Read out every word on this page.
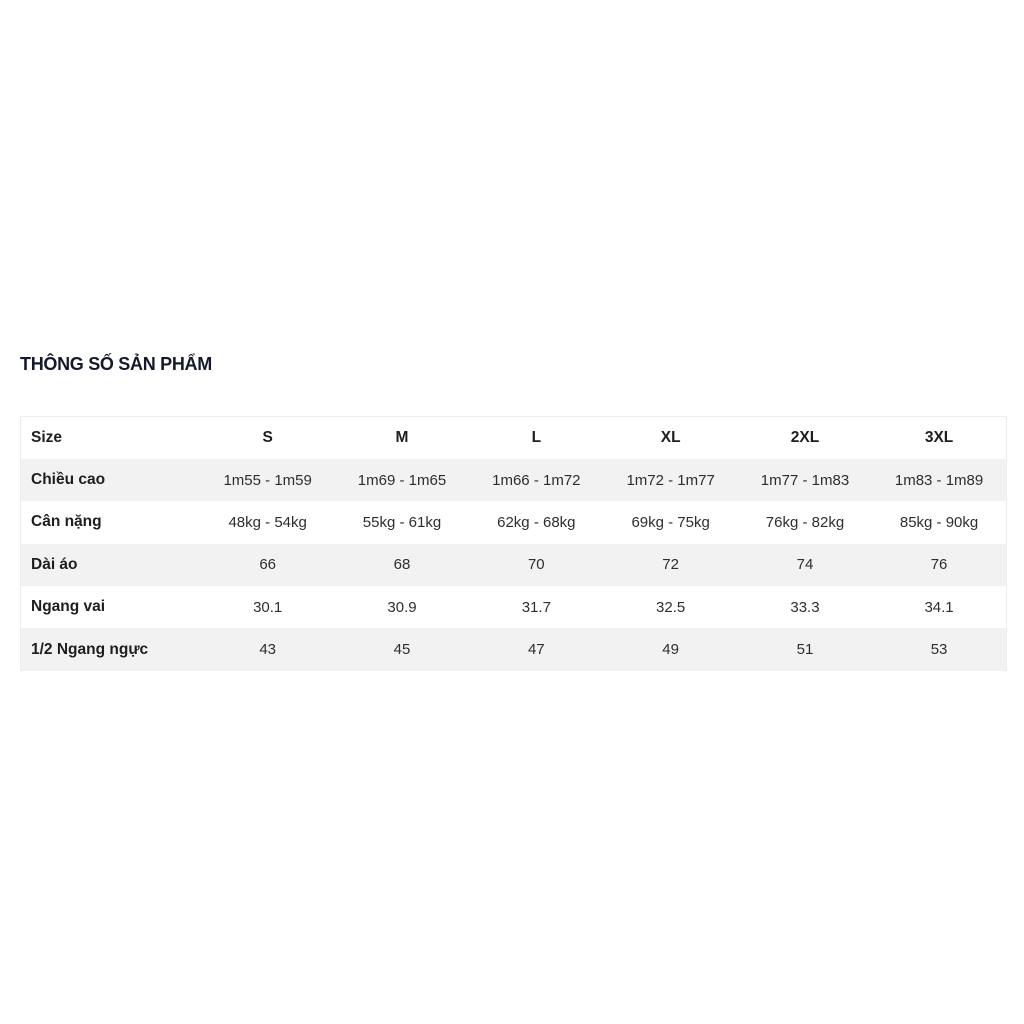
THÔNG SỐ SẢN PHẨM
Size	S	M	L	XL	2XL	3XL
Chiều cao	1m55 - 1m59	1m69 - 1m65	1m66 - 1m72	1m72 - 1m77	1m77 - 1m83	1m83 - 1m89
Cân nặng	48kg - 54kg	55kg - 61kg	62kg - 68kg	69kg - 75kg	76kg - 82kg	85kg - 90kg
Dài áo	66	68	70	72	74	76
Ngang vai	30.1	30.9	31.7	32.5	33.3	34.1
1/2 Ngang ngực	43	45	47	49	51	53
